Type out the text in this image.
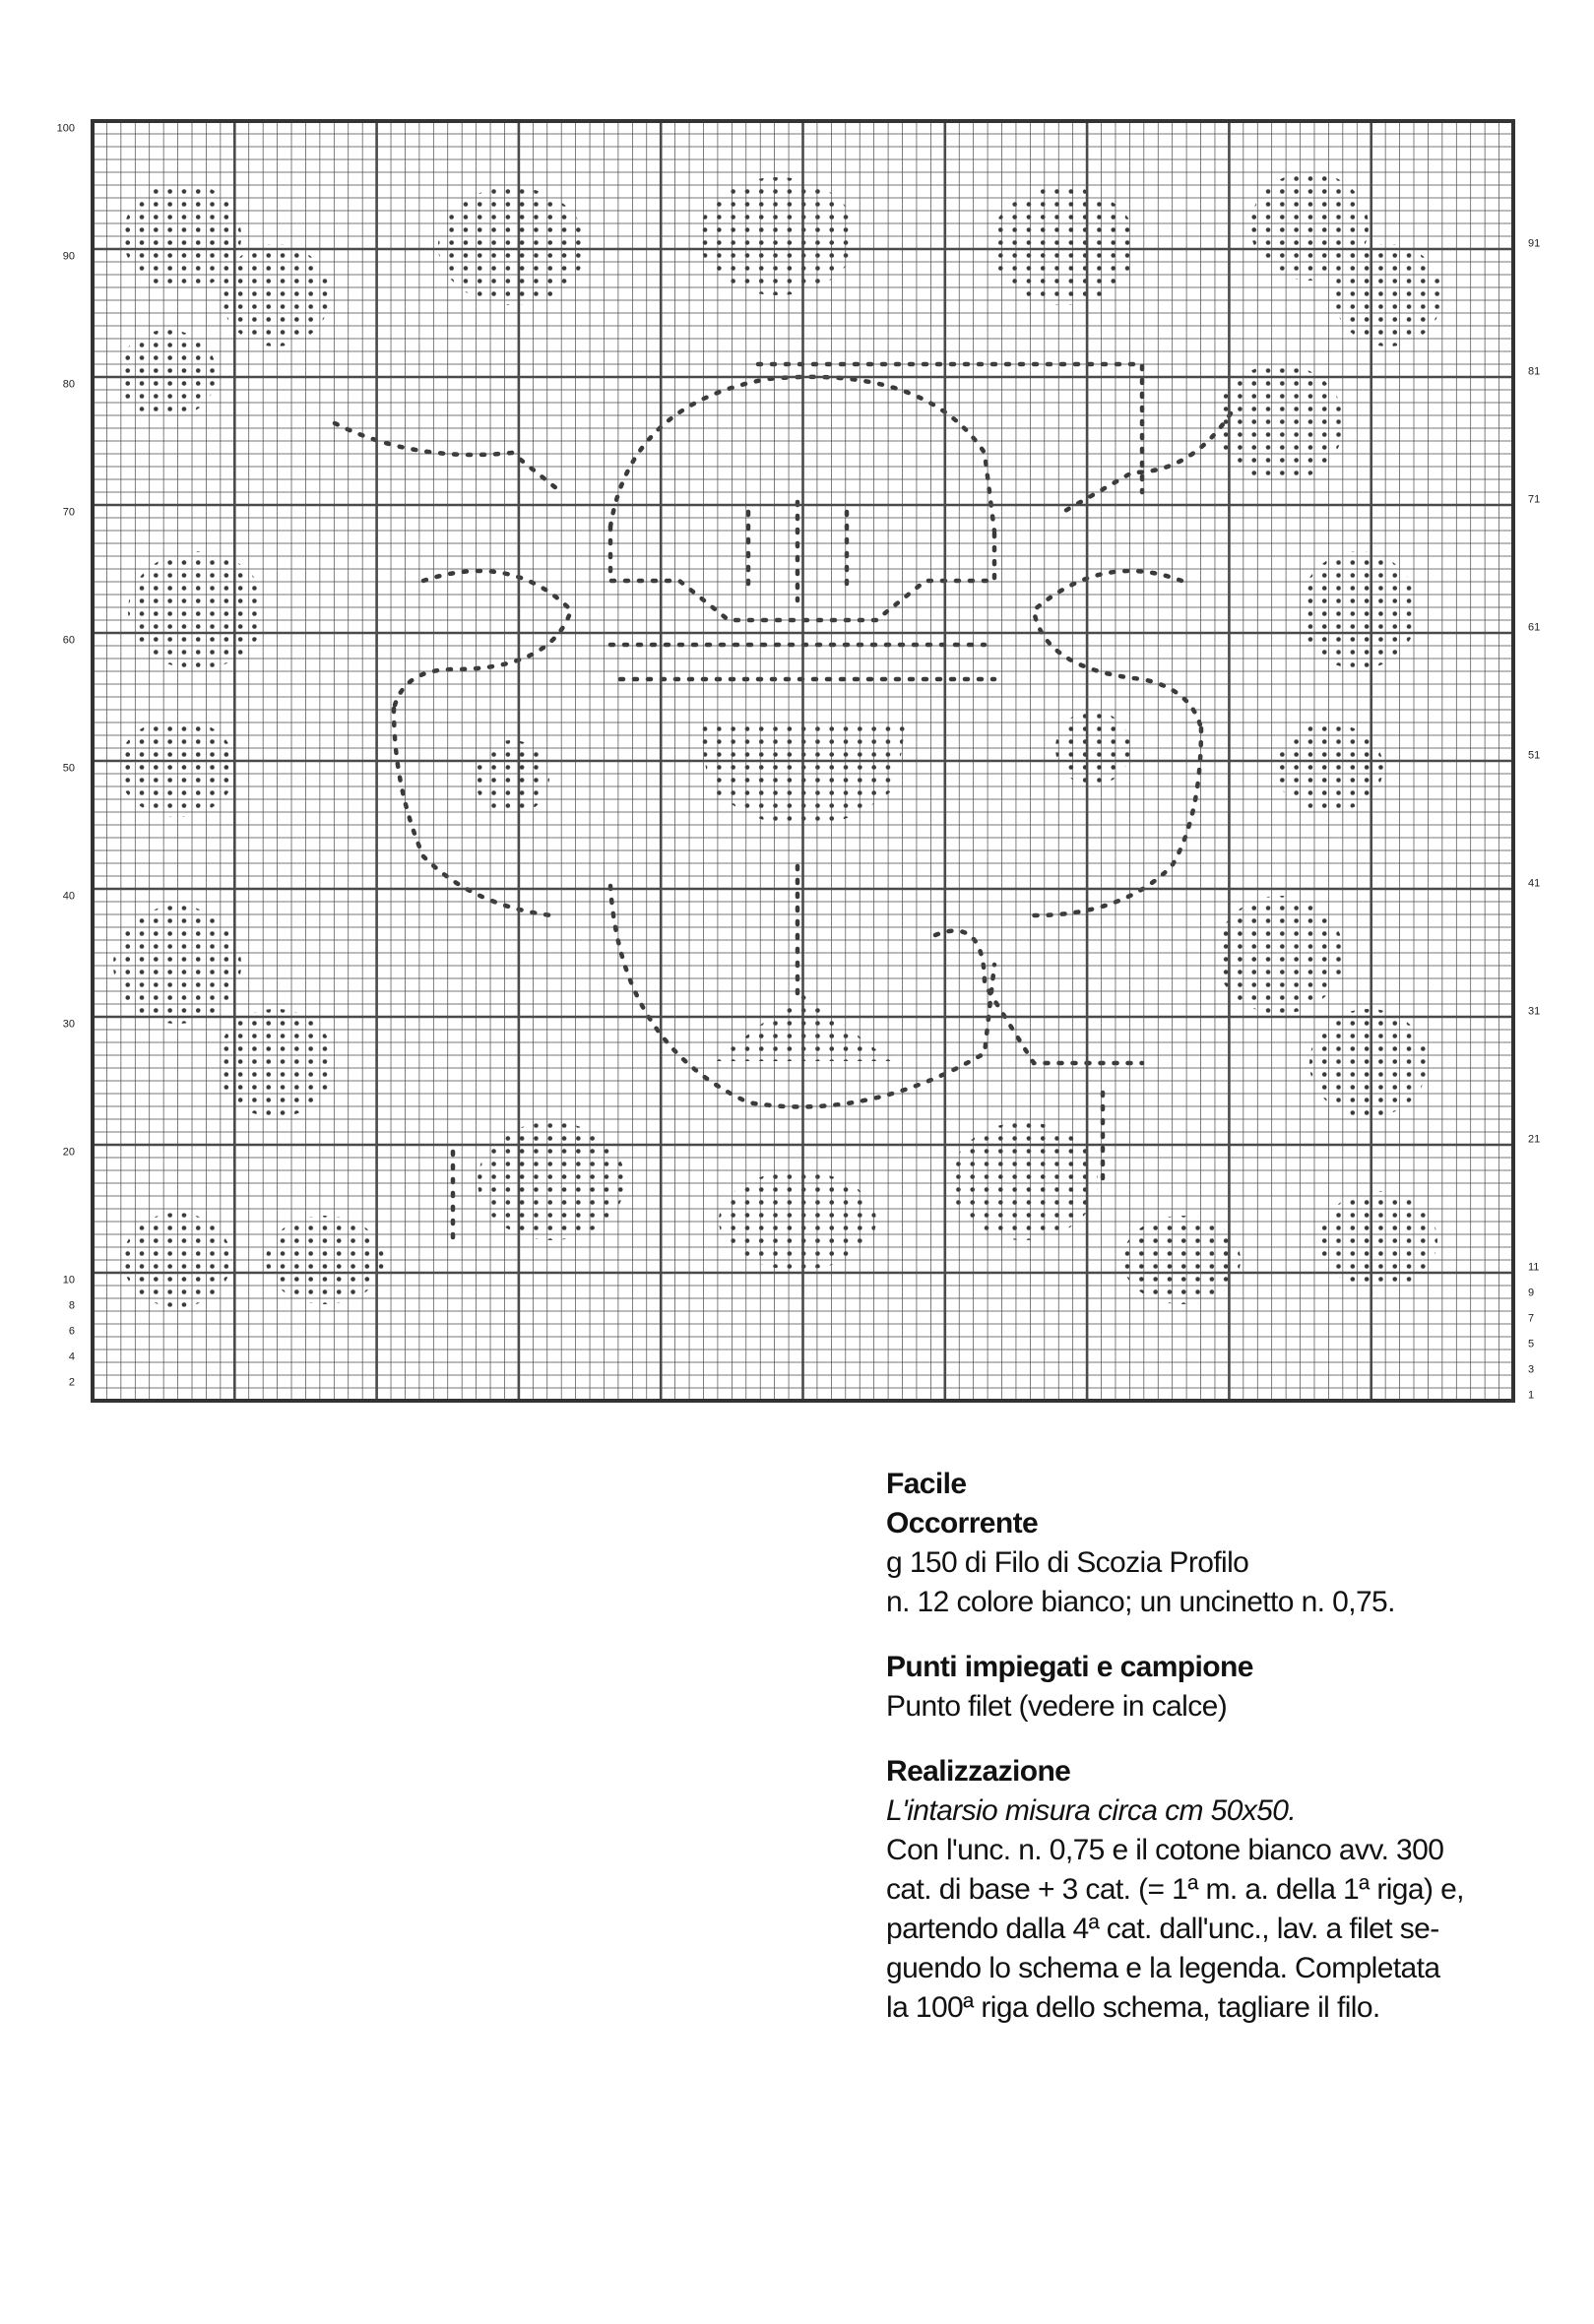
100
90
80
70
60
50
40
30
20
10
8
6
4
2
91
81
71
61
51
41
31
21
11
9
7
5
3
1
Facile
Occorrente

g 150 di Filo di Scozia Profilo

n. 12 colore bianco; un uncinetto n. 0,75.

Punti impiegati e campione

Punto filet (vedere in calce)

Realizzazione

L'intarsio misura circa cm 50x50.

Con l'unc. n. 0,75 e il cotone bianco avv. 300

cat. di base + 3 cat. (= 1ª m. a. della 1ª riga) e,

partendo dalla 4ª cat. dall'unc., lav. a filet se-

guendo lo schema e la legenda. Completata

la 100ª riga dello schema, tagliare il filo.
